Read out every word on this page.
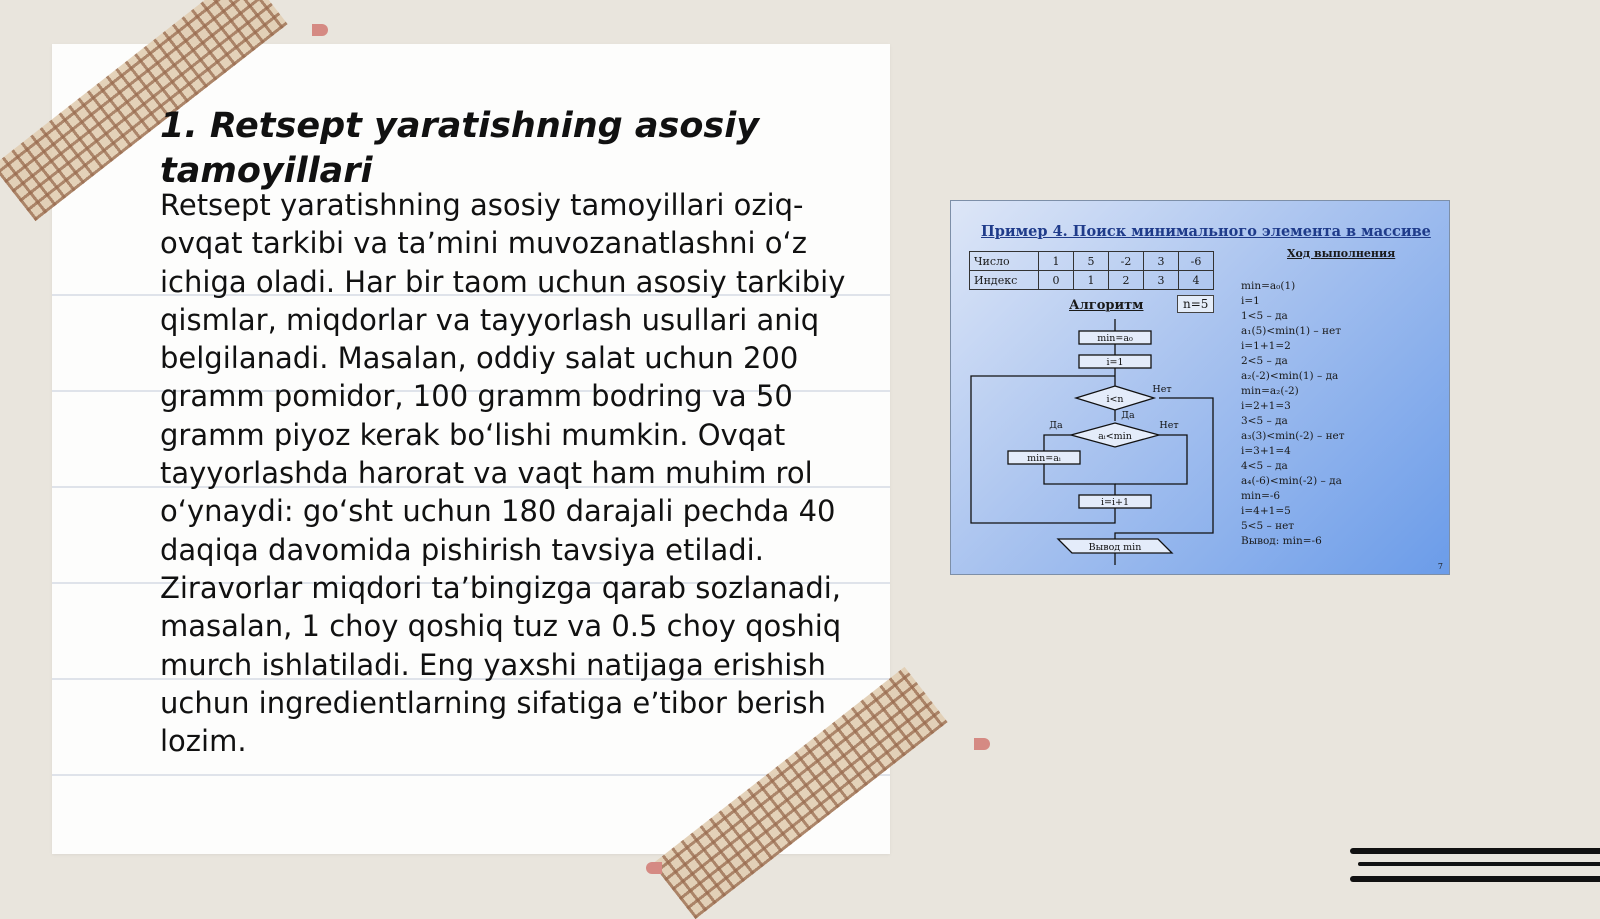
1. Retsept yaratishning asosiy tamoyillari

Retsept yaratishning asosiy tamoyillari oziq-ovqat tarkibi va ta’mini muvozanatlashni o‘z ichiga oladi. Har bir taom uchun asosiy tarkibiy qismlar, miqdorlar va tayyorlash usullari aniq belgilanadi. Masalan, oddiy salat uchun 200 gramm pomidor, 100 gramm bodring va 50 gramm piyoz kerak bo‘lishi mumkin. Ovqat tayyorlashda harorat va vaqt ham muhim rol o‘ynaydi: go‘sht uchun 180 darajali pechda 40 daqiqa davomida pishirish tavsiya etiladi. Ziravorlar miqdori ta’bingizga qarab sozlanadi, masalan, 1 choy qoshiq tuz va 0.5 choy qoshiq murch ishlatiladi. Eng yaxshi natijaga erishish uchun ingredientlarning sifatiga e’tibor berish lozim.

Пример 4. Поиск минимального элемента в массиве
Число	1	5	-2	3	-6
Индекс	0	1	2	3	4
Алгоритм	n=5
min=a₀
i=1
i<n
aᵢ<min
min=aᵢ
i=i+1
Вывод min
Да
Да	Нет
Нет
Ход выполнения
min=a₀(1)
i=1
1<5 – да
a₁(5)<min(1) – нет
i=1+1=2
2<5 – да
a₂(-2)<min(1) – да
min=a₂(-2)
i=2+1=3
3<5 – да
a₃(3)<min(-2) – нет
i=3+1=4
4<5 – да
a₄(-6)<min(-2) – да
min=-6
i=4+1=5
5<5 – нет
Вывод: min=-6
7
